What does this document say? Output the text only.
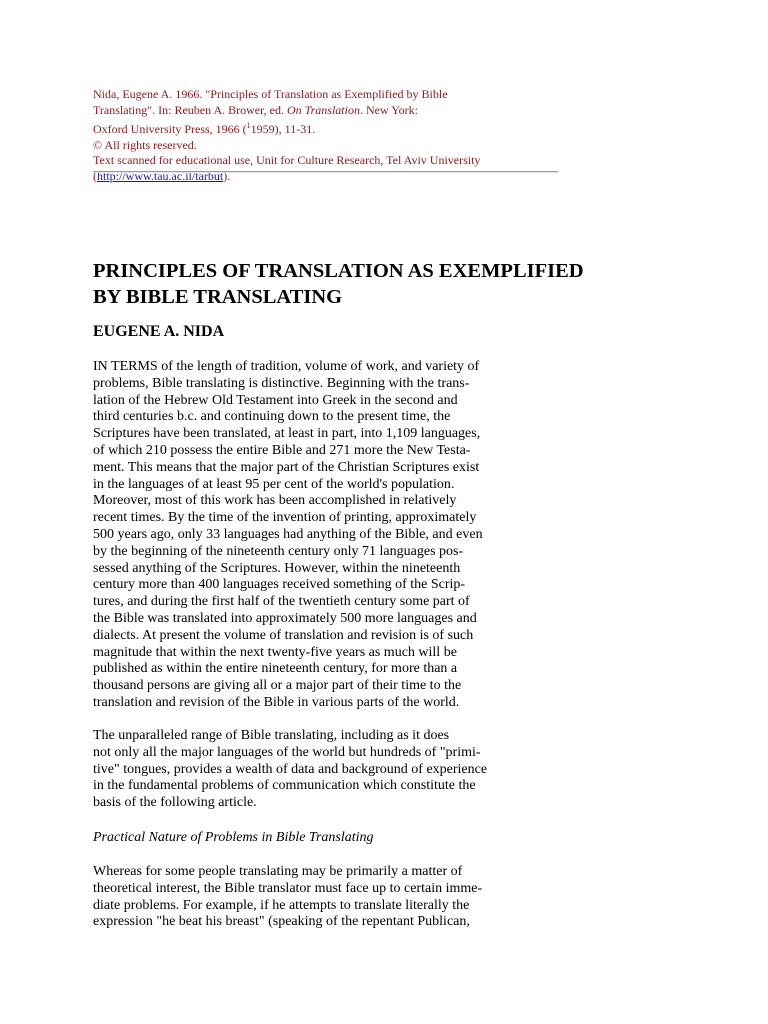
Nida, Eugene A. 1966. "Principles of Translation as Exemplified by Bible
Translating". In: Reuben A. Brower, ed. On Translation. New York:
Oxford University Press, 1966 ($^1$1959), 11-31.
© All rights reserved.
Text scanned for educational use, Unit for Culture Research, Tel Aviv University
(http://www.tau.ac.il/tarbut).
PRINCIPLES OF TRANSLATION AS EXEMPLIFIED
BY BIBLE TRANSLATING
EUGENE A. NIDA
IN TERMS of the length of tradition, volume of work, and variety of
problems, Bible translating is distinctive. Beginning with the trans-
lation of the Hebrew Old Testament into Greek in the second and
third centuries b.c. and continuing down to the present time, the
Scriptures have been translated, at least in part, into 1,109 languages,
of which 210 possess the entire Bible and 271 more the New Testa-
ment. This means that the major part of the Christian Scriptures exist
in the languages of at least 95 per cent of the world's population.
Moreover, most of this work has been accomplished in relatively
recent times. By the time of the invention of printing, approximately
500 years ago, only 33 languages had anything of the Bible, and even
by the beginning of the nineteenth century only 71 languages pos-
sessed anything of the Scriptures. However, within the nineteenth
century more than 400 languages received something of the Scrip-
tures, and during the first half of the twentieth century some part of
the Bible was translated into approximately 500 more languages and
dialects. At present the volume of translation and revision is of such
magnitude that within the next twenty-five years as much will be
published as within the entire nineteenth century, for more than a
thousand persons are giving all or a major part of their time to the
translation and revision of the Bible in various parts of the world.
The unparalleled range of Bible translating, including as it does
not only all the major languages of the world but hundreds of "primi-
tive" tongues, provides a wealth of data and background of experience
in the fundamental problems of communication which constitute the
basis of the following article.
Practical Nature of Problems in Bible Translating
Whereas for some people translating may be primarily a matter of
theoretical interest, the Bible translator must face up to certain imme-
diate problems. For example, if he attempts to translate literally the
expression "he beat his breast" (speaking of the repentant Publican,
